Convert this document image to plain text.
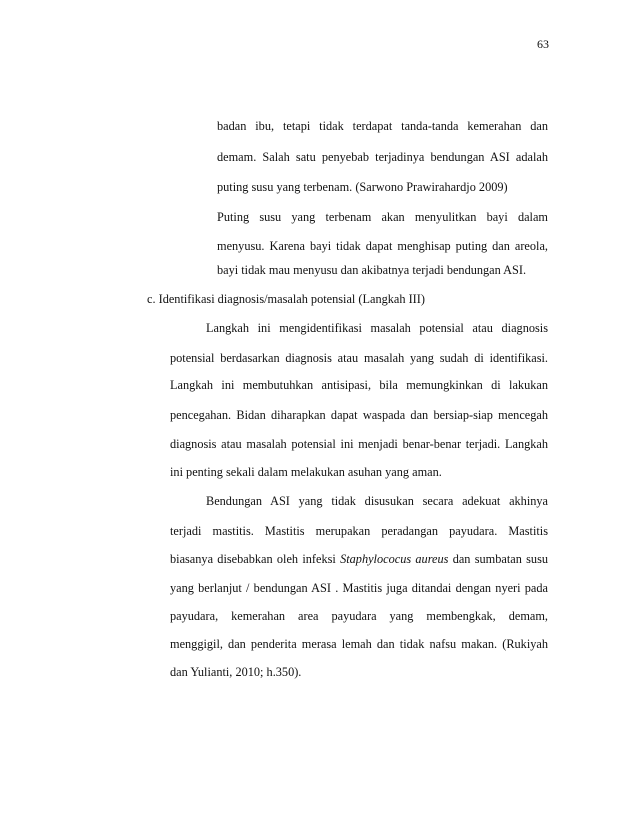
63
badan ibu, tetapi tidak terdapat tanda-tanda kemerahan dan
demam. Salah satu penyebab terjadinya bendungan ASI adalah
puting susu yang terbenam. (Sarwono Prawirahardjo 2009)
Puting susu yang terbenam akan menyulitkan bayi dalam
menyusu. Karena bayi tidak dapat menghisap puting dan areola,
bayi tidak mau menyusu dan akibatnya terjadi bendungan ASI.
c. Identifikasi diagnosis/masalah potensial (Langkah III)
Langkah ini mengidentifikasi masalah potensial atau diagnosis
potensial berdasarkan diagnosis atau masalah yang sudah di identifikasi.
Langkah ini membutuhkan antisipasi, bila memungkinkan di lakukan
pencegahan. Bidan diharapkan dapat waspada dan bersiap-siap mencegah
diagnosis atau masalah potensial ini menjadi benar-benar terjadi. Langkah
ini penting sekali dalam melakukan asuhan yang aman.
Bendungan ASI yang tidak disusukan secara adekuat akhinya
terjadi mastitis. Mastitis merupakan peradangan payudara. Mastitis
biasanya disebabkan oleh infeksi Staphylococus aureus dan sumbatan susu
yang berlanjut / bendungan ASI . Mastitis juga ditandai dengan nyeri pada
payudara, kemerahan area payudara yang membengkak, demam,
menggigil, dan penderita merasa lemah dan tidak nafsu makan. (Rukiyah
dan Yulianti, 2010; h.350).
